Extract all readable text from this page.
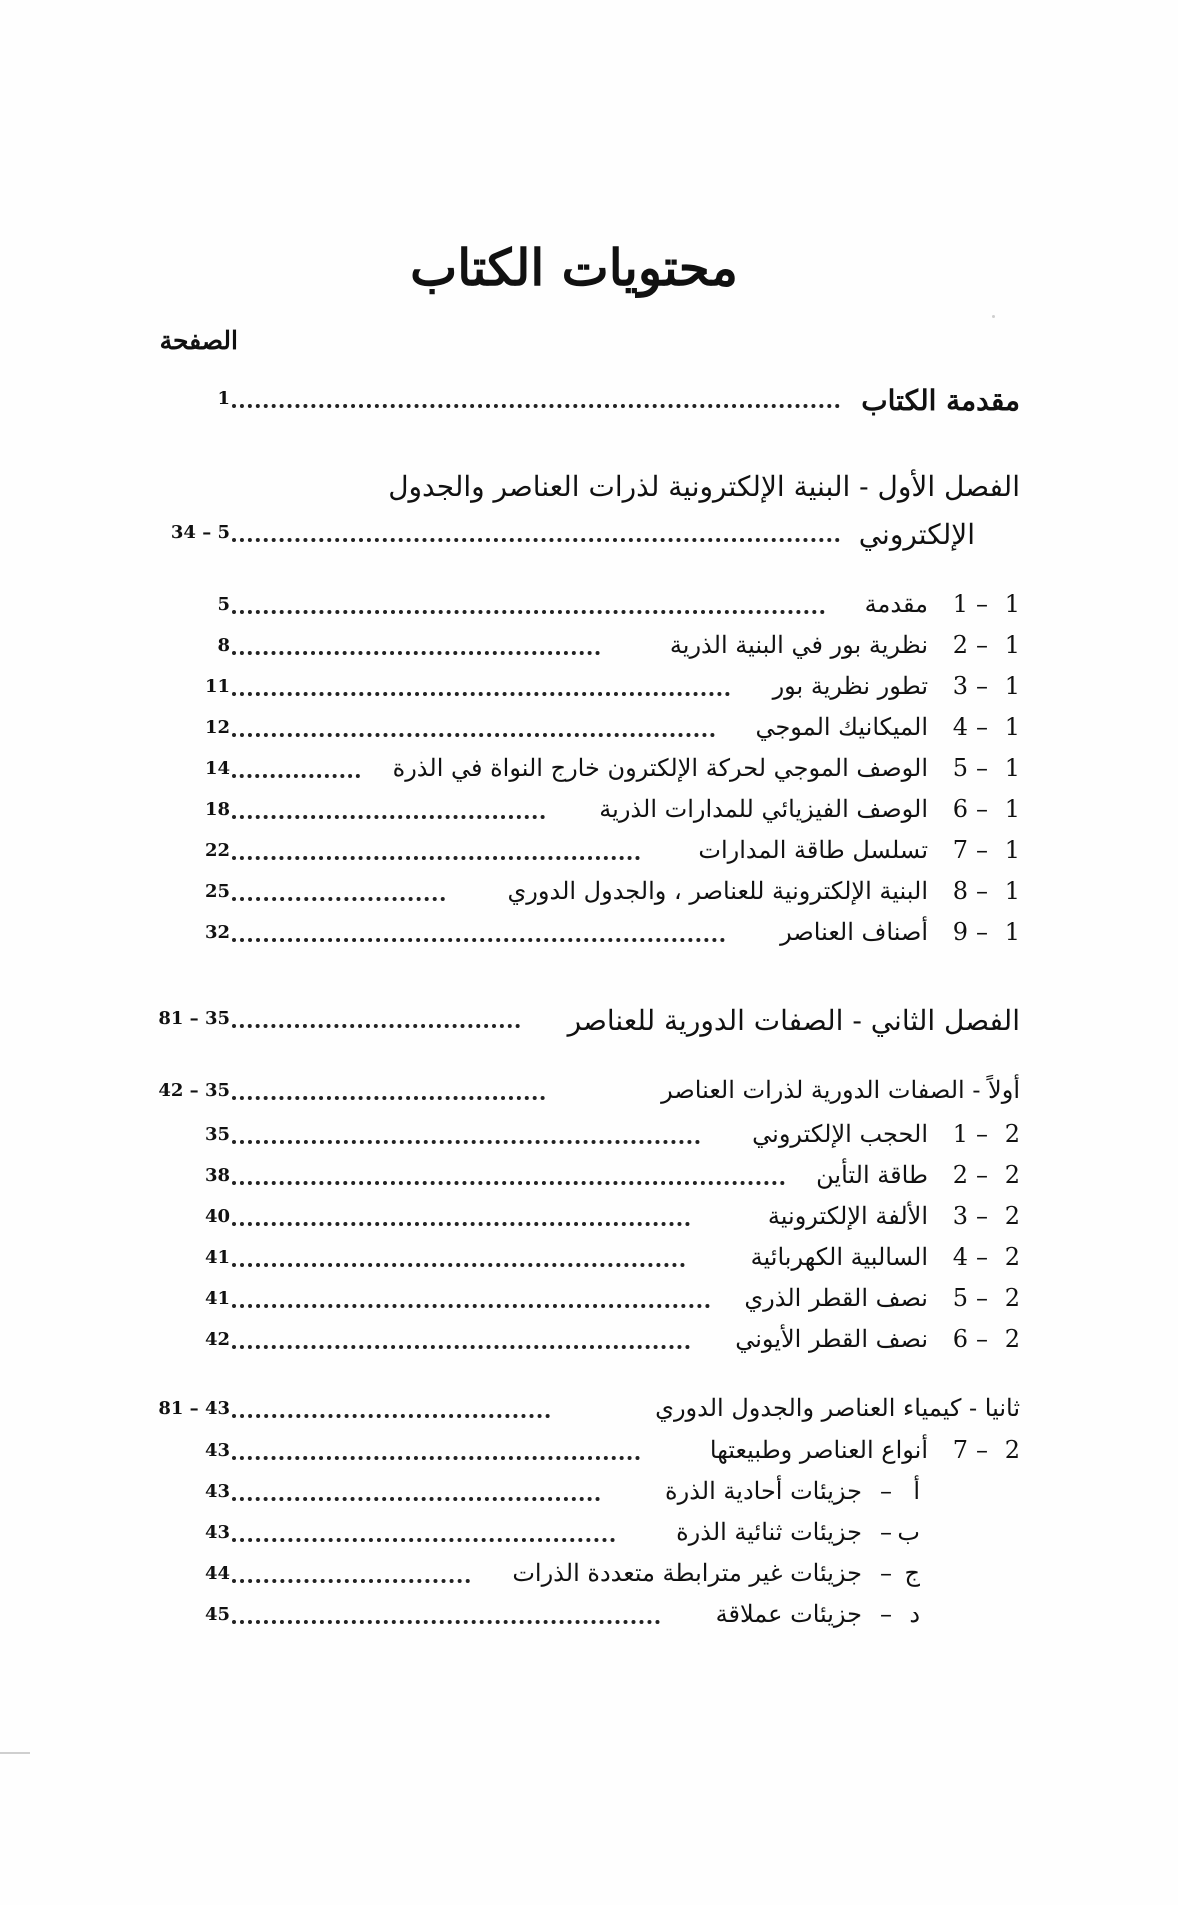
محتويات الكتاب
الصفحة
مقدمة الكتاب
1
الفصل الأول - البنية الإلكترونية لذرات العناصر والجدول
الإلكتروني
34 – 5
1
–
1
مقدمة
5
1
–
2
نظرية بور في البنية الذرية
8
1
–
3
تطور نظرية بور
11
1
–
4
الميكانيك الموجي
12
1
–
5
الوصف الموجي لحركة الإلكترون خارج النواة في الذرة
14
1
–
6
الوصف الفيزيائي للمدارات الذرية
18
1
–
7
تسلسل طاقة المدارات
22
1
–
8
البنية الإلكترونية للعناصر ، والجدول الدوري
25
1
–
9
أصناف العناصر
32
الفصل الثاني - الصفات الدورية للعناصر
81 – 35
أولاً - الصفات الدورية لذرات العناصر
42 – 35
2
–
1
الحجب الإلكتروني
35
2
–
2
طاقة التأين
38
2
–
3
الألفة الإلكترونية
40
2
–
4
السالبية الكهربائية
41
2
–
5
نصف القطر الذري
41
2
–
6
نصف القطر الأيوني
42
ثانيا - كيمياء العناصر والجدول الدوري
81 – 43
2
–
7
أنواع العناصر وطبيعتها
43
أ
–
جزيئات أحادية الذرة
43
ب
–
جزيئات ثنائية الذرة
43
ج
–
جزيئات غير مترابطة متعددة الذرات
44
د
–
جزيئات عملاقة
45
